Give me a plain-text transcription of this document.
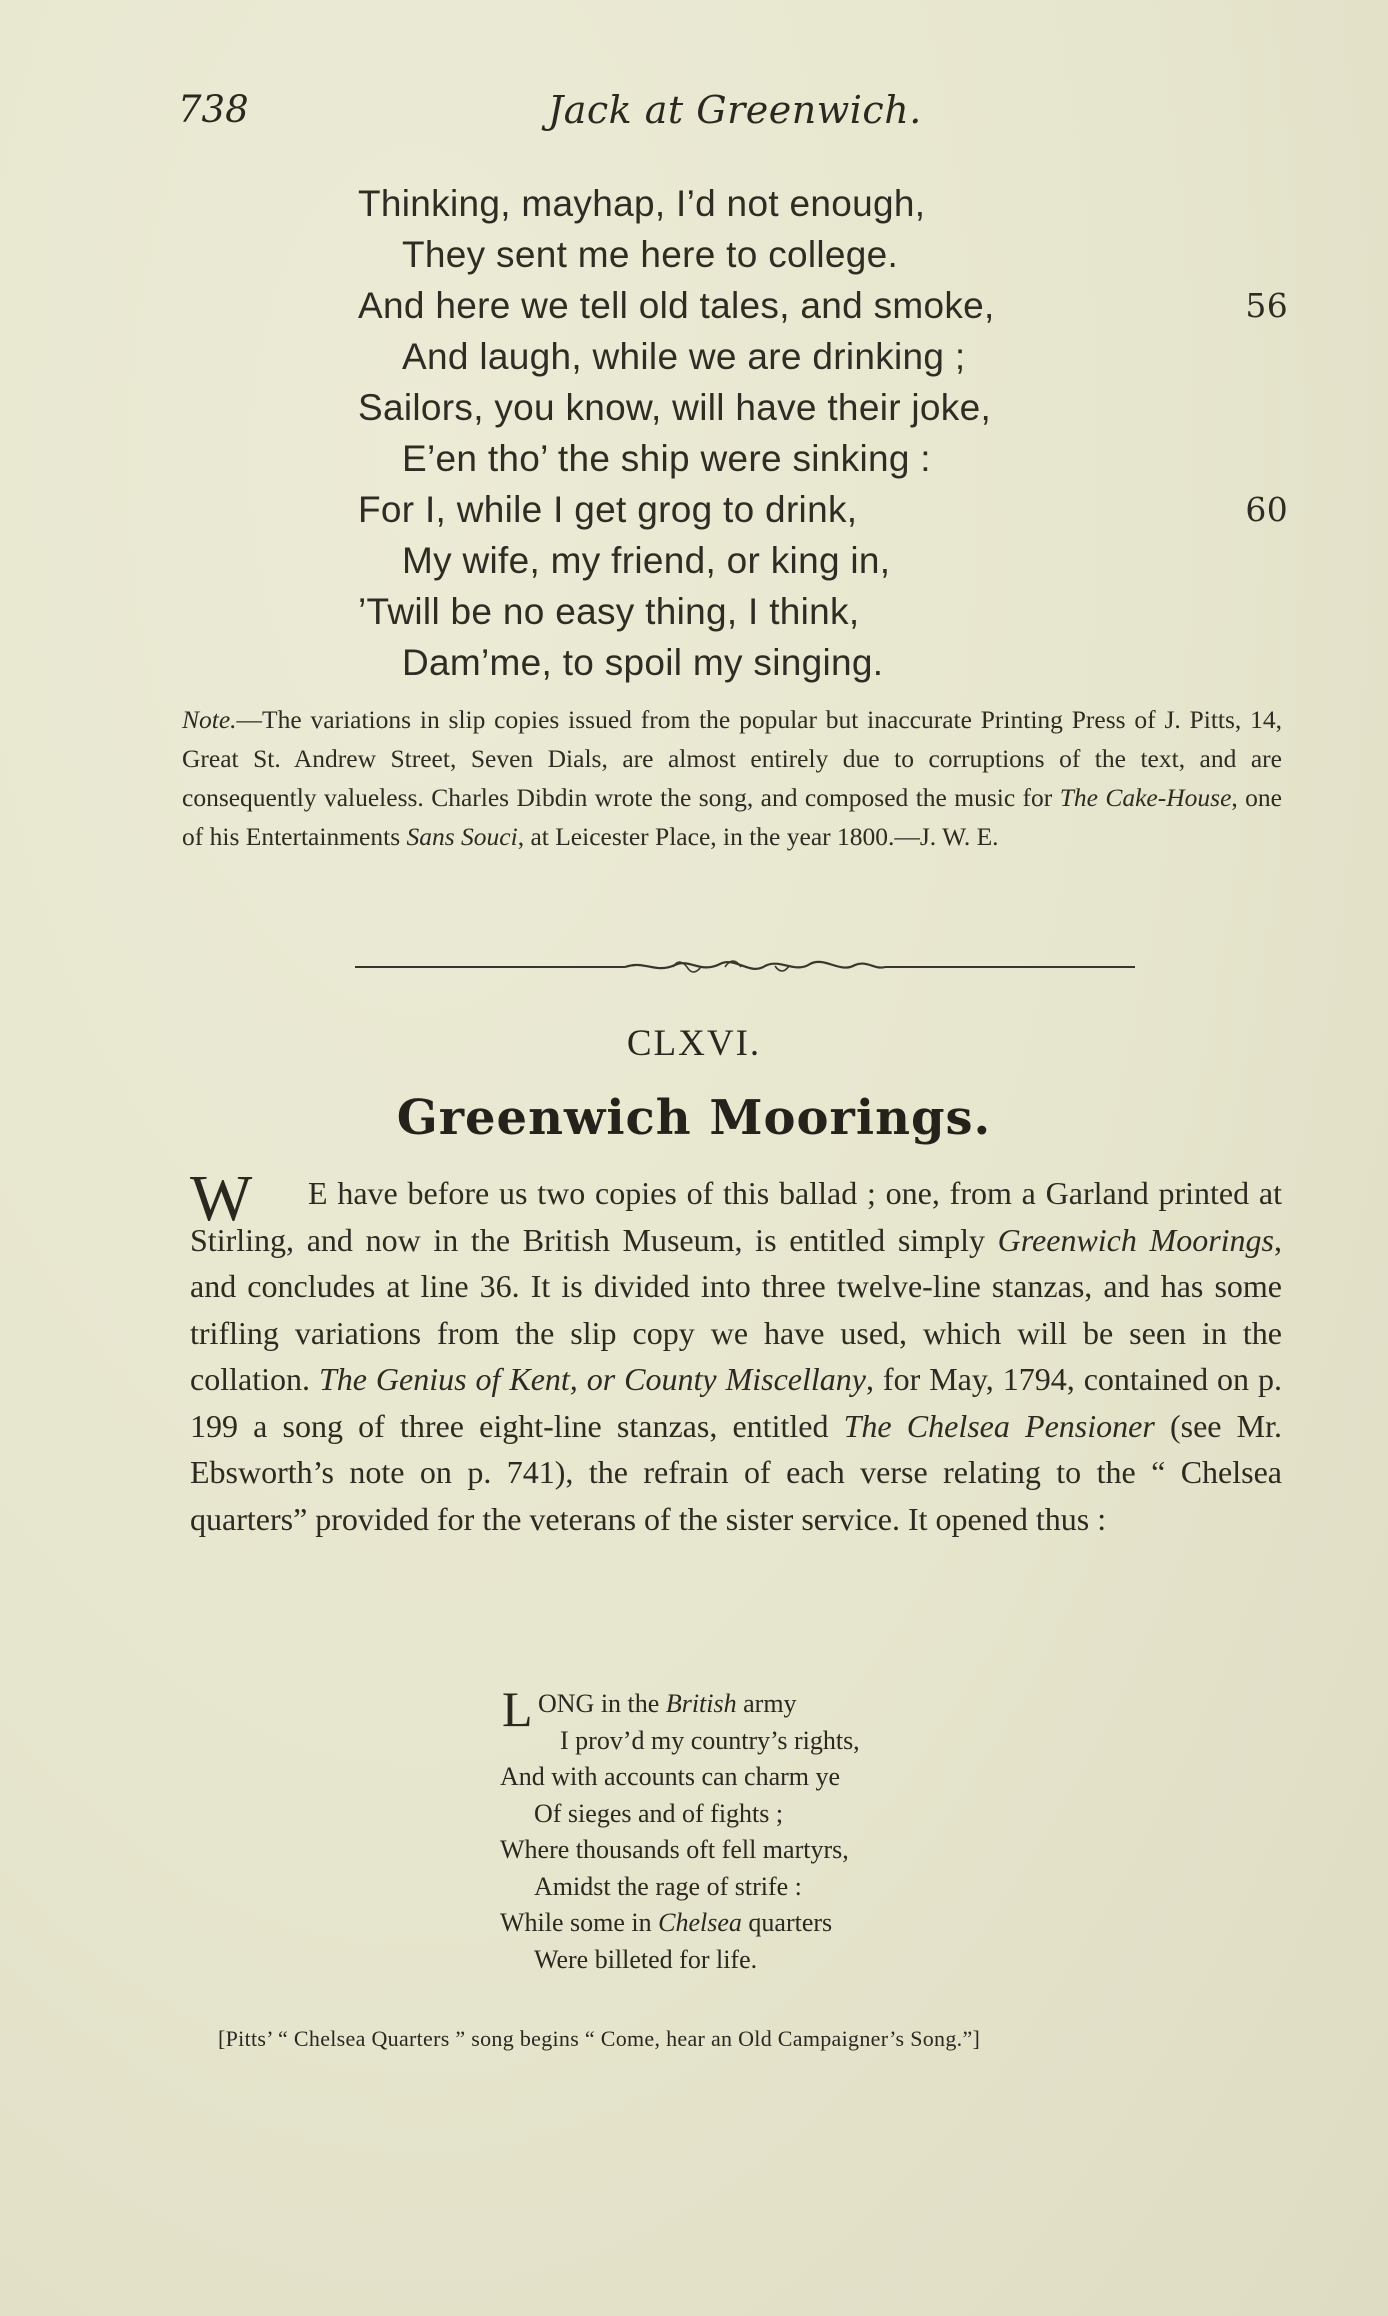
738	Jack at Greenwich.
Thinking, mayhap, I’d not enough,
They sent me here to college.
And here we tell old tales, and smoke,	56
And laugh, while we are drinking ;
Sailors, you know, will have their joke,
E’en tho’ the ship were sinking :
For I, while I get grog to drink,	60
My wife, my friend, or king in,
’Twill be no easy thing, I think,
Dam’me, to spoil my singing.
Note.—The variations in slip copies issued from the popular but inaccurate Printing Press of J. Pitts, 14, Great St. Andrew Street, Seven Dials, are almost entirely due to corruptions of the text, and are consequently valueless. Charles Dibdin wrote the song, and composed the music for The Cake-House, one of his Entertainments Sans Souci, at Leicester Place, in the year 1800.—J. W. E.
CLXVI.
Greenwich Moorings.
W	E have before us two copies of this ballad ; one, from a Garland printed at Stirling, and now in the British Museum, is entitled simply Greenwich Moorings, and concludes at line 36. It is divided into three twelve-line stanzas, and has some trifling variations from the slip copy we have used, which will be seen in the collation. The Genius of Kent, or County Miscellany, for May, 1794, contained on p. 199 a song of three eight-line stanzas, entitled The Chelsea Pensioner (see Mr. Ebsworth’s note on p. 741), the refrain of each verse relating to the “ Chelsea quarters” provided for the veterans of the sister service. It opened thus :

L ONG in the British army
I prov’d my country’s rights,
And with accounts can charm ye
Of sieges and of fights ;
Where thousands oft fell martyrs,
Amidst the rage of strife :
While some in Chelsea quarters
Were billeted for life.
[Pitts’ “ Chelsea Quarters ” song begins “ Come, hear an Old Campaigner’s Song.”]
